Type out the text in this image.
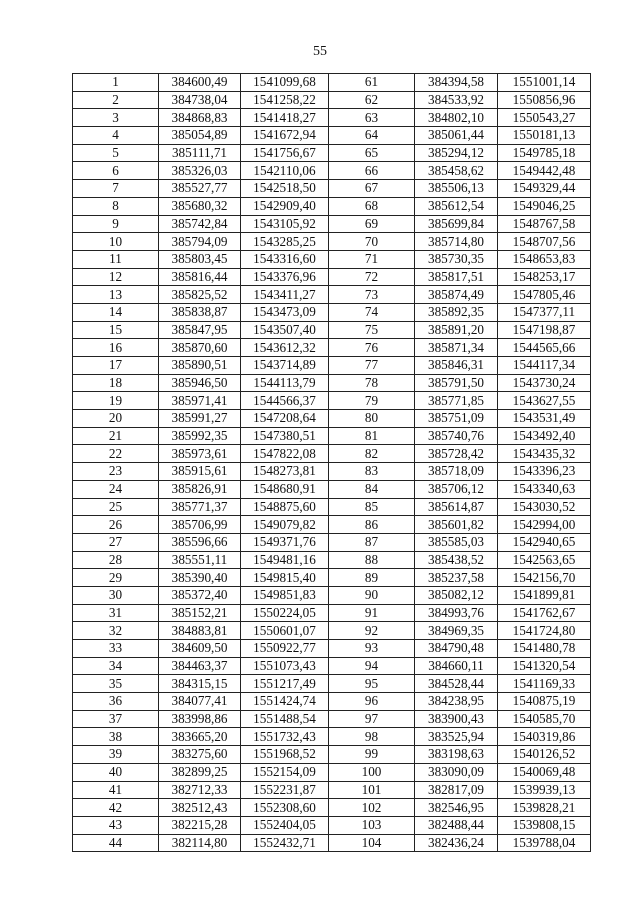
55
1	384600,49	1541099,68	61	384394,58	1551001,14
2	384738,04	1541258,22	62	384533,92	1550856,96
3	384868,83	1541418,27	63	384802,10	1550543,27
4	385054,89	1541672,94	64	385061,44	1550181,13
5	385111,71	1541756,67	65	385294,12	1549785,18
6	385326,03	1542110,06	66	385458,62	1549442,48
7	385527,77	1542518,50	67	385506,13	1549329,44
8	385680,32	1542909,40	68	385612,54	1549046,25
9	385742,84	1543105,92	69	385699,84	1548767,58
10	385794,09	1543285,25	70	385714,80	1548707,56
11	385803,45	1543316,60	71	385730,35	1548653,83
12	385816,44	1543376,96	72	385817,51	1548253,17
13	385825,52	1543411,27	73	385874,49	1547805,46
14	385838,87	1543473,09	74	385892,35	1547377,11
15	385847,95	1543507,40	75	385891,20	1547198,87
16	385870,60	1543612,32	76	385871,34	1544565,66
17	385890,51	1543714,89	77	385846,31	1544117,34
18	385946,50	1544113,79	78	385791,50	1543730,24
19	385971,41	1544566,37	79	385771,85	1543627,55
20	385991,27	1547208,64	80	385751,09	1543531,49
21	385992,35	1547380,51	81	385740,76	1543492,40
22	385973,61	1547822,08	82	385728,42	1543435,32
23	385915,61	1548273,81	83	385718,09	1543396,23
24	385826,91	1548680,91	84	385706,12	1543340,63
25	385771,37	1548875,60	85	385614,87	1543030,52
26	385706,99	1549079,82	86	385601,82	1542994,00
27	385596,66	1549371,76	87	385585,03	1542940,65
28	385551,11	1549481,16	88	385438,52	1542563,65
29	385390,40	1549815,40	89	385237,58	1542156,70
30	385372,40	1549851,83	90	385082,12	1541899,81
31	385152,21	1550224,05	91	384993,76	1541762,67
32	384883,81	1550601,07	92	384969,35	1541724,80
33	384609,50	1550922,77	93	384790,48	1541480,78
34	384463,37	1551073,43	94	384660,11	1541320,54
35	384315,15	1551217,49	95	384528,44	1541169,33
36	384077,41	1551424,74	96	384238,95	1540875,19
37	383998,86	1551488,54	97	383900,43	1540585,70
38	383665,20	1551732,43	98	383525,94	1540319,86
39	383275,60	1551968,52	99	383198,63	1540126,52
40	382899,25	1552154,09	100	383090,09	1540069,48
41	382712,33	1552231,87	101	382817,09	1539939,13
42	382512,43	1552308,60	102	382546,95	1539828,21
43	382215,28	1552404,05	103	382488,44	1539808,15
44	382114,80	1552432,71	104	382436,24	1539788,04
